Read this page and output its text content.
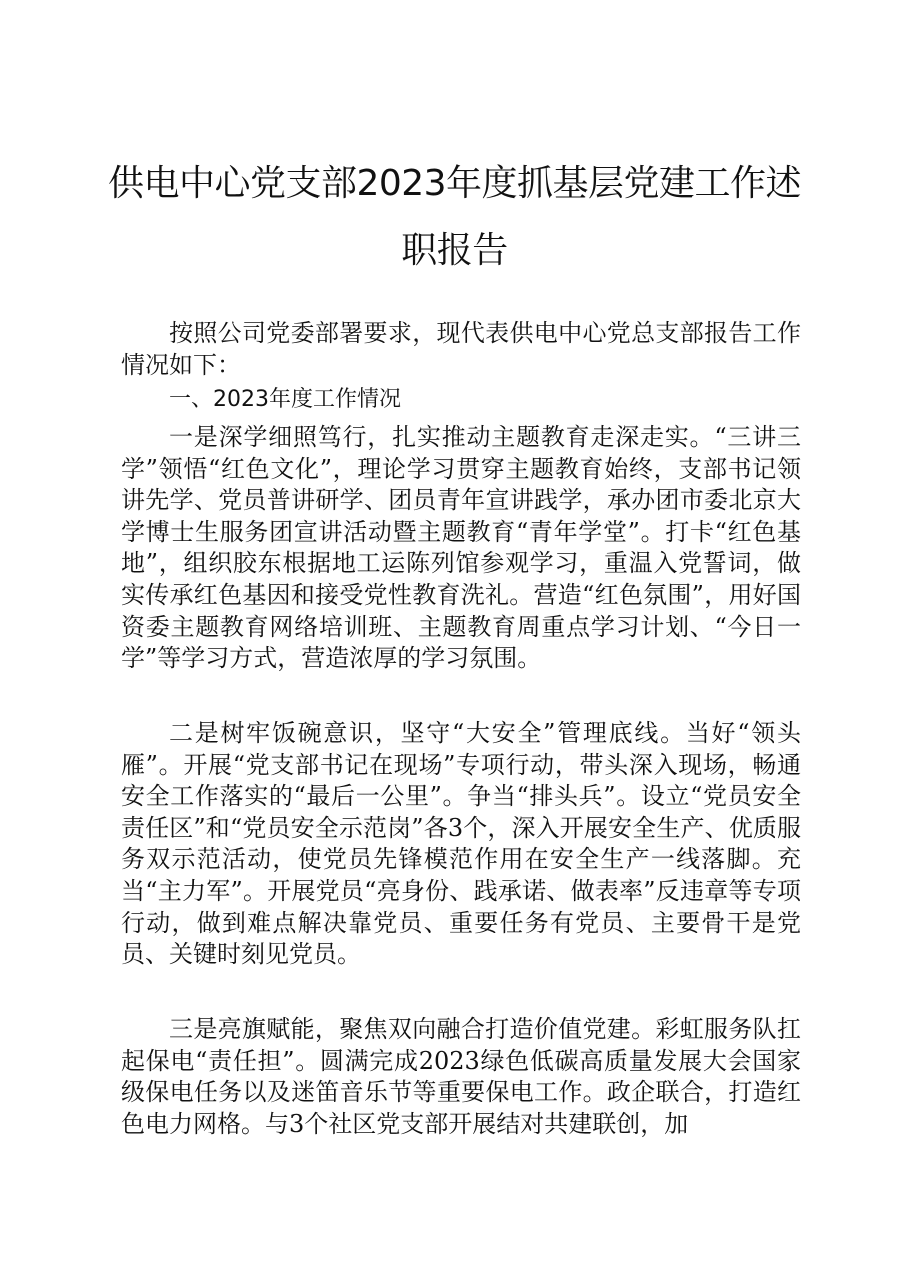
供电中心党支部2023年度抓基层党建工作述
职报告

按照公司党委部署要求，现代表供电中心党总支部报告工作情况如下：

一、2023年度工作情况

一是深学细照笃行，扎实推动主题教育走深走实。“三讲三学”领悟“红色文化”，理论学习贯穿主题教育始终，支部书记领讲先学、党员普讲研学、团员青年宣讲践学，承办团市委北京大学博士生服务团宣讲活动暨主题教育“青年学堂”。打卡“红色基地”，组织胶东根据地工运陈列馆参观学习，重温入党誓词，做实传承红色基因和接受党性教育洗礼。营造“红色氛围”，用好国资委主题教育网络培训班、主题教育周重点学习计划、“今日一学”等学习方式，营造浓厚的学习氛围。

二是树牢饭碗意识，坚守“大安全”管理底线。当好“领头雁”。开展“党支部书记在现场”专项行动，带头深入现场，畅通安全工作落实的“最后一公里”。争当“排头兵”。设立“党员安全责任区”和“党员安全示范岗”各3个，深入开展安全生产、优质服务双示范活动，使党员先锋模范作用在安全生产一线落脚。充当“主力军”。开展党员“亮身份、践承诺、做表率”反违章等专项行动，做到难点解决靠党员、重要任务有党员、主要骨干是党员、关键时刻见党员。

三是亮旗赋能，聚焦双向融合打造价值党建。彩虹服务队扛起保电“责任担”。圆满完成2023绿色低碳高质量发展大会国家级保电任务以及迷笛音乐节等重要保电工作。政企联合，打造红色电力网格。与3个社区党支部开展结对共建联创，加
